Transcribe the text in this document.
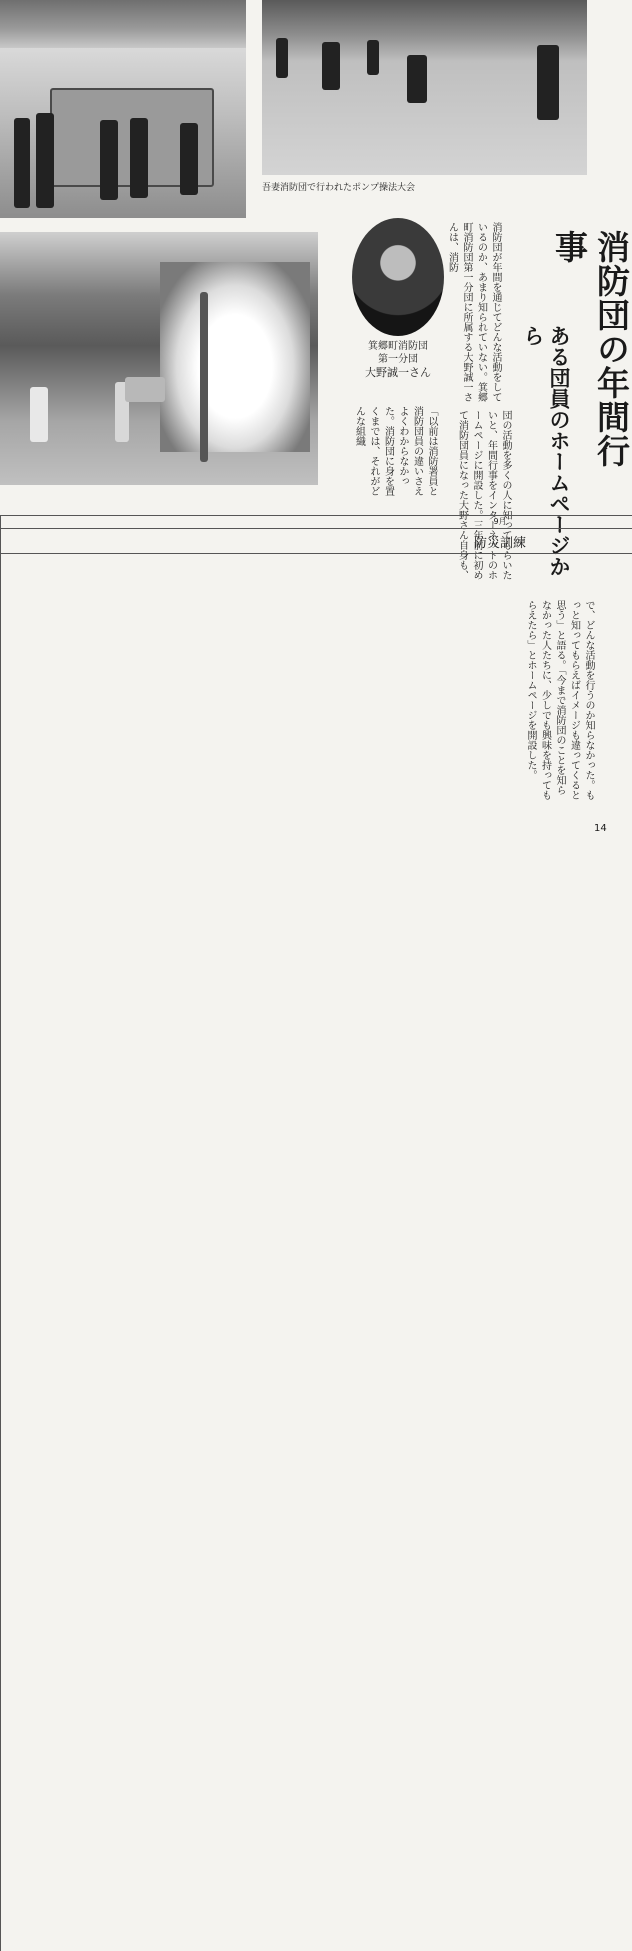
吾妻消防団で行われたポンプ操法大会
消防団の年間行事
ある団員のホームページから
箕郷町消防団
第一分団
大野誠一さん	消防団が年間を通じてどんな活動をしているのか、あまり知られていない。箕郷町消防団第一分団に所属する大野誠一さんは、消防
団の活動を多くの人に知ってもらいたいと、年間行事をインターネットのホームページに開設した。三年前に初めて消防団員になった大野さん自身も、
「以前は消防署員と消防団員の違いさえよくわからなかった。消防団に身を置くまでは、それがどんな組織
で、どんな活動を行うのか知らなかった。もっと知ってもらえばイメージも違ってくると思う」と語る。「今まで消防団のことを知らなかった人たちに、少しでも興味を持ってもらえたら」とホームページを開設した。
9月					
防災訓練					

14
